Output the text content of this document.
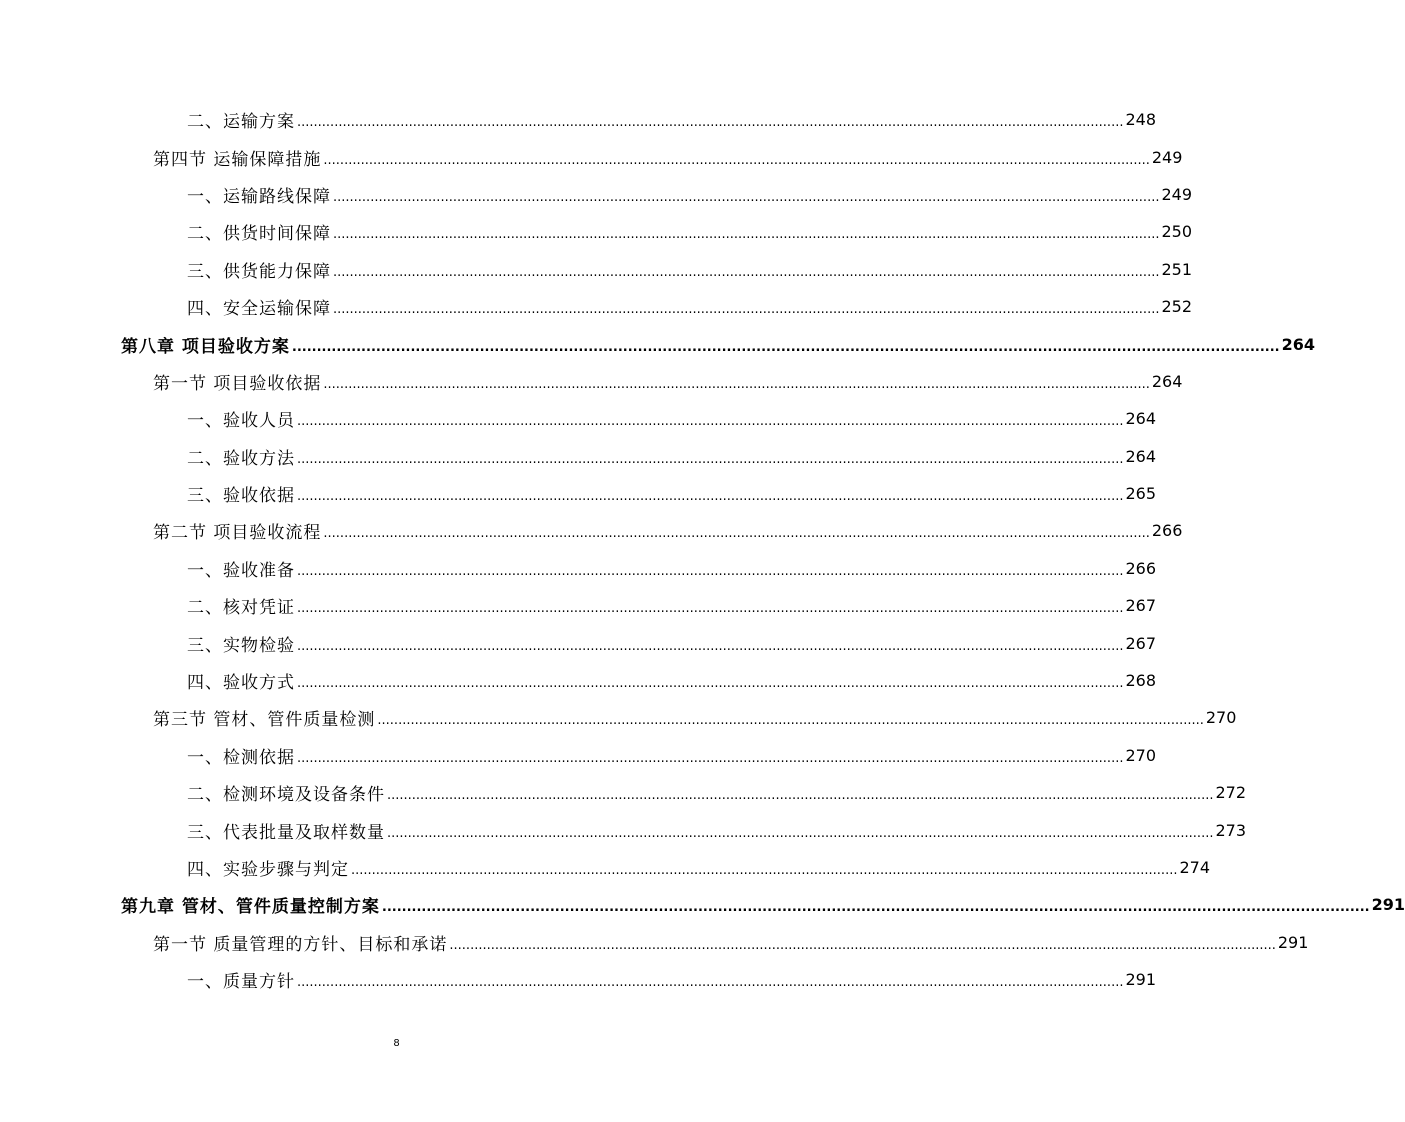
二、运输方案 ........................................................................................................................................................................................................ 248
第四节 运输保障措施 ........................................................................................................................................................................................................ 249
一、运输路线保障 ........................................................................................................................................................................................................ 249
二、供货时间保障 ........................................................................................................................................................................................................ 250
三、供货能力保障 ........................................................................................................................................................................................................ 251
四、安全运输保障 ........................................................................................................................................................................................................ 252
第八章 项目验收方案 ........................................................................................................................................................................................................ 264
第一节 项目验收依据 ........................................................................................................................................................................................................ 264
一、验收人员 ........................................................................................................................................................................................................ 264
二、验收方法 ........................................................................................................................................................................................................ 264
三、验收依据 ........................................................................................................................................................................................................ 265
第二节 项目验收流程 ........................................................................................................................................................................................................ 266
一、验收准备 ........................................................................................................................................................................................................ 266
二、核对凭证 ........................................................................................................................................................................................................ 267
三、实物检验 ........................................................................................................................................................................................................ 267
四、验收方式 ........................................................................................................................................................................................................ 268
第三节 管材、管件质量检测 ........................................................................................................................................................................................................ 270
一、检测依据 ........................................................................................................................................................................................................ 270
二、检测环境及设备条件 ........................................................................................................................................................................................................ 272
三、代表批量及取样数量 ........................................................................................................................................................................................................ 273
四、实验步骤与判定 ........................................................................................................................................................................................................ 274
第九章 管材、管件质量控制方案 ........................................................................................................................................................................................................ 291
第一节 质量管理的方针、目标和承诺 ........................................................................................................................................................................................................ 291
一、质量方针 ........................................................................................................................................................................................................ 291
8
